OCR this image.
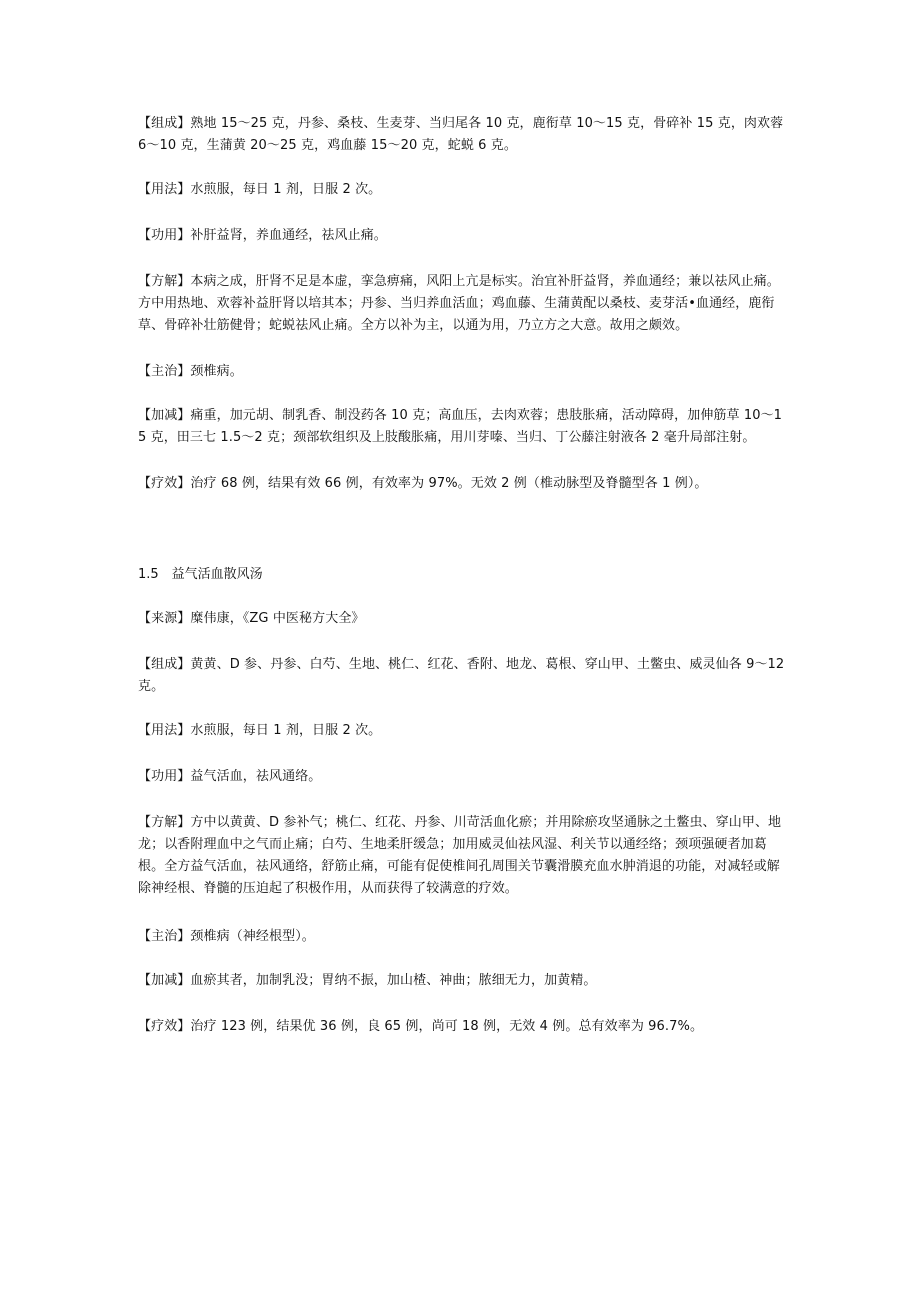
【组成】熟地 15～25 克，丹参、桑枝、生麦芽、当归尾各 10 克，鹿衔草 10～15 克，骨碎补 15 克，肉欢蓉 6～10 克，生蒲黄 20～25 克，鸡血藤 15～20 克，蛇蜕 6 克。

【用法】水煎服，每日 1 剂，日服 2 次。

【功用】补肝益肾，养血通经，祛风止痛。

【方解】本病之成，肝肾不足是本虚，挛急痹痛，风阳上亢是标实。治宜补肝益肾，养血通经；兼以祛风止痛。方中用热地、欢蓉补益肝肾以培其本；丹参、当归养血活血；鸡血藤、生蒲黄配以桑枝、麦芽活•血通经，鹿衔草、骨碎补壮筋健骨；蛇蜕祛风止痛。全方以补为主，以通为用，乃立方之大意。故用之颇效。

【主治】颈椎病。

【加减】痛重，加元胡、制乳香、制没药各 10 克；高血压，去肉欢蓉；患肢胀痛，活动障碍，加伸筋草 10～15 克，田三七 1.5～2 克；颈部软组织及上肢酸胀痛，用川芽嗪、当归、丁公藤注射液各 2 毫升局部注射。

【疗效】治疗 68 例，结果有效 66 例，有效率为 97%。无效 2 例（椎动脉型及脊髓型各 1 例）。

1.5　益气活血散风汤

【来源】糜伟康，《ZG 中医秘方大全》

【组成】黄黄、D 参、丹参、白芍、生地、桃仁、红花、香附、地龙、葛根、穿山甲、土鳖虫、威灵仙各 9～12 克。

【用法】水煎服，每日 1 剂，日服 2 次。

【功用】益气活血，祛风通络。

【方解】方中以黄黄、D 参补气；桃仁、红花、丹参、川苛活血化瘀；并用除瘀攻坚通脉之土鳖虫、穿山甲、地龙；以香附理血中之气而止痛；白芍、生地柔肝缓急；加用威灵仙祛风湿、利关节以通经络；颈项强硬者加葛根。全方益气活血，祛风通络，舒筋止痛，可能有促使椎间孔周围关节囊滑膜充血水肿消退的功能，对减轻或解除神经根、脊髓的压迫起了积极作用，从而获得了较满意的疗效。

【主治】颈椎病（神经根型）。

【加减】血瘀其者，加制乳没；胃纳不振，加山楂、神曲；脓细无力，加黄精。

【疗效】治疗 123 例，结果优 36 例，良 65 例，尚可 18 例，无效 4 例。总有效率为 96.7%。
